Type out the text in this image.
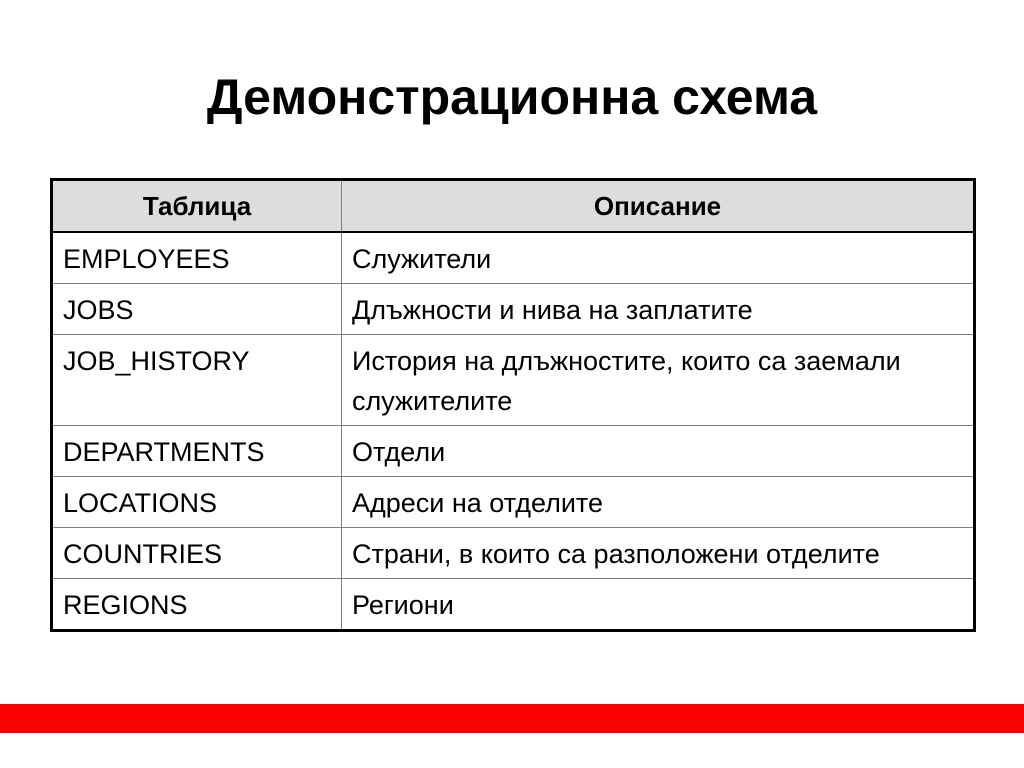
Демонстрационна схема
Таблица	Описание
EMPLOYEES	Служители
JOBS	Длъжности и нива на заплатите
JOB_HISTORY	История на длъжностите, които са заемали служителите
DEPARTMENTS	Отдели
LOCATIONS	Адреси на отделите
COUNTRIES	Страни, в които са разположени отделите
REGIONS	Региони
